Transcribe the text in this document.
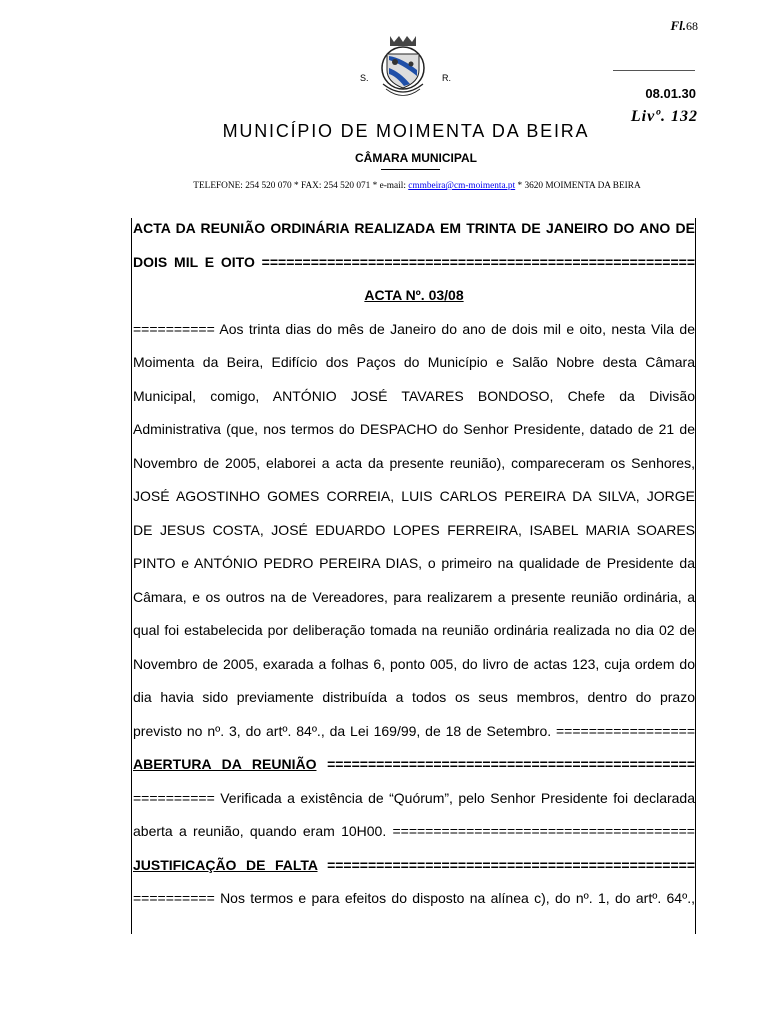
S.	R.
Fl.68
08.01.30
Livº. 132
MUNICÍPIO DE MOIMENTA DA BEIRA
CÂMARA MUNICIPAL
TELEFONE: 254 520 070 * FAX: 254 520 071 * e-mail: cmmbeira@cm-moimenta.pt * 3620 MOIMENTA DA BEIRA
ACTA DA REUNIÃO ORDINÁRIA REALIZADA EM TRINTA DE JANEIRO DO ANO DE
DOIS MIL E OITO =====================================================
ACTA Nº. 03/08
========== Aos trinta dias do mês de Janeiro do ano de dois mil e oito, nesta Vila de
Moimenta da Beira, Edifício dos Paços do Município e Salão Nobre desta Câmara
Municipal, comigo, ANTÓNIO JOSÉ TAVARES BONDOSO, Chefe da Divisão
Administrativa (que, nos termos do DESPACHO do Senhor Presidente, datado de 21 de
Novembro de 2005, elaborei a acta da presente reunião), compareceram os Senhores,
JOSÉ AGOSTINHO GOMES CORREIA, LUIS CARLOS PEREIRA DA SILVA, JORGE
DE JESUS COSTA, JOSÉ EDUARDO LOPES FERREIRA, ISABEL MARIA SOARES
PINTO e ANTÓNIO PEDRO PEREIRA DIAS, o primeiro na qualidade de Presidente da
Câmara, e os outros na de Vereadores, para realizarem a presente reunião ordinária, a
qual foi estabelecida por deliberação tomada na reunião ordinária realizada no dia 02 de
Novembro de 2005, exarada a folhas 6, ponto 005, do livro de actas 123, cuja ordem do
dia havia sido previamente distribuída a todos os seus membros, dentro do prazo
previsto no nº. 3, do artº. 84º., da Lei 169/99, de 18 de Setembro. =================
ABERTURA DA REUNIÃO =============================================
========== Verificada a existência de “Quórum”, pelo Senhor Presidente foi declarada
aberta a reunião, quando eram 10H00. =====================================
JUSTIFICAÇÃO DE FALTA =============================================
========== Nos termos e para efeitos do disposto na alínea c), do nº. 1, do artº. 64º.,
